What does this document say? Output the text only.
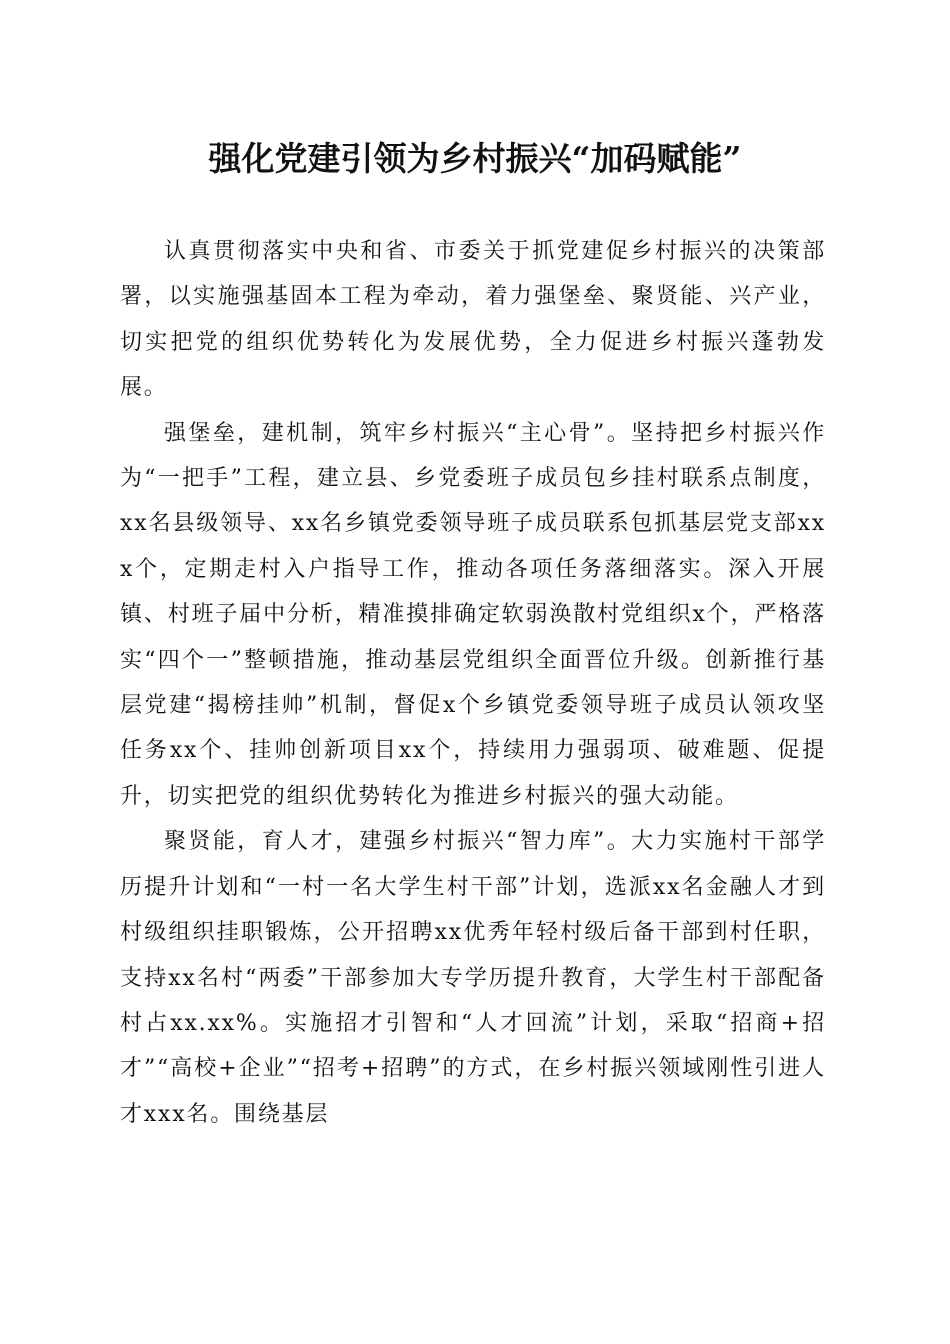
强化党建引领为乡村振兴“加码赋能”

认真贯彻落实中央和省、市委关于抓党建促乡村振兴的决策部署，以实施强基固本工程为牵动，着力强堡垒、聚贤能、兴产业，切实把党的组织优势转化为发展优势，全力促进乡村振兴蓬勃发展。

强堡垒，建机制，筑牢乡村振兴“主心骨”。坚持把乡村振兴作为“一把手”工程，建立县、乡党委班子成员包乡挂村联系点制度，xx名县级领导、xx名乡镇党委领导班子成员联系包抓基层党支部xxx个，定期走村入户指导工作，推动各项任务落细落实。深入开展镇、村班子届中分析，精准摸排确定软弱涣散村党组织x个，严格落实“四个一”整顿措施，推动基层党组织全面晋位升级。创新推行基层党建“揭榜挂帅”机制，督促x个乡镇党委领导班子成员认领攻坚任务xx个、挂帅创新项目xx个，持续用力强弱项、破难题、促提升，切实把党的组织优势转化为推进乡村振兴的强大动能。

聚贤能，育人才，建强乡村振兴“智力库”。大力实施村干部学历提升计划和“一村一名大学生村干部”计划，选派xx名金融人才到村级组织挂职锻炼，公开招聘xx优秀年轻村级后备干部到村任职，支持xx名村“两委”干部参加大专学历提升教育，大学生村干部配备村占xx.xx%。实施招才引智和“人才回流”计划，采取“招商+招才”“高校+企业”“招考+招聘”的方式，在乡村振兴领域刚性引进人才xxx名。围绕基层
